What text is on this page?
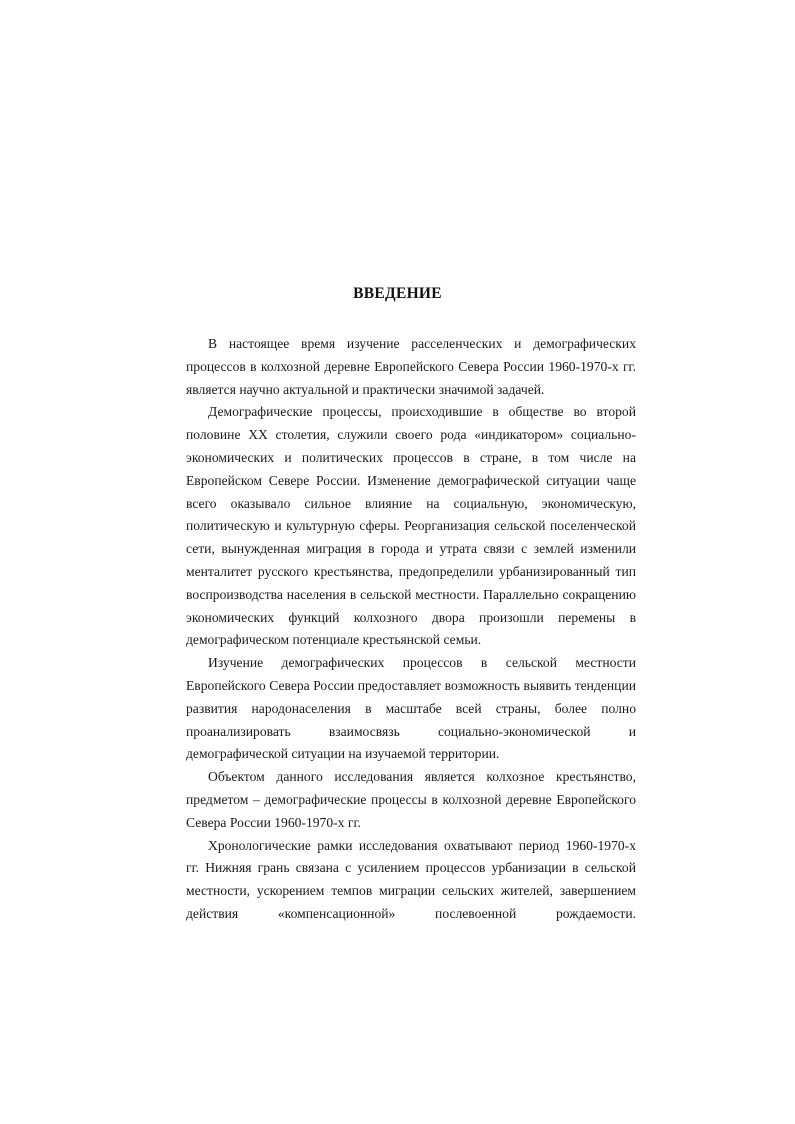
ВВЕДЕНИЕ

В настоящее время изучение расселенческих и демографических процессов в колхозной деревне Европейского Севера России 1960-1970-х гг. является научно актуальной и практически значимой задачей.

Демографические процессы, происходившие в обществе во второй половине XX столетия, служили своего рода «индикатором» социально-экономических и политических процессов в стране, в том числе на Европейском Севере России. Изменение демографической ситуации чаще всего оказывало сильное влияние на социальную, экономическую, политическую и культурную сферы. Реорганизация сельской поселенческой сети, вынужденная миграция в города и утрата связи с землей изменили менталитет русского крестьянства, предопределили урбанизированный тип воспроизводства населения в сельской местности. Параллельно сокращению экономических функций колхозного двора произошли перемены в демографическом потенциале крестьянской семьи.

Изучение демографических процессов в сельской местности Европейского Севера России предоставляет возможность выявить тенденции развития народонаселения в масштабе всей страны, более полно проанализировать взаимосвязь социально-экономической и демографической ситуации на изучаемой территории.

Объектом данного исследования является колхозное крестьянство, предметом – демографические процессы в колхозной деревне Европейского Севера России 1960-1970-х гг.

Хронологические рамки исследования охватывают период 1960-1970-х гг. Нижняя грань связана с усилением процессов урбанизации в сельской местности, ускорением темпов миграции сельских жителей, завершением действия «компенсационной» послевоенной рождаемости.
